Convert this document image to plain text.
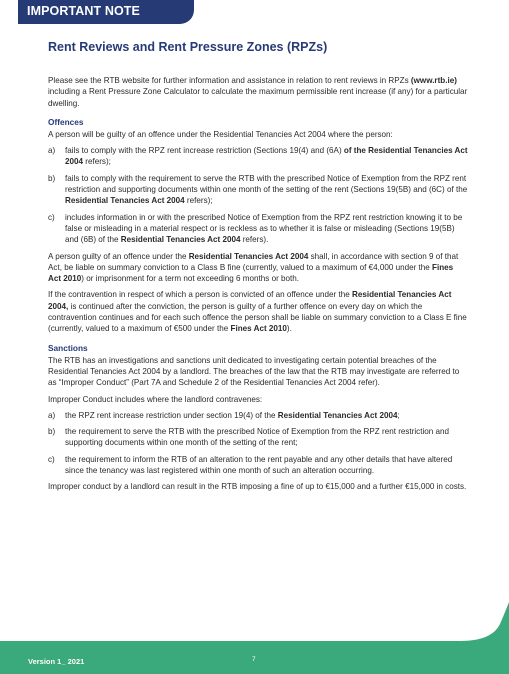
IMPORTANT NOTE
Rent Reviews and Rent Pressure Zones (RPZs)

Please see the RTB website for further information and assistance in relation to rent reviews in RPZs (www.rtb.ie) including a Rent Pressure Zone Calculator to calculate the maximum permissible rent increase (if any) for a particular dwelling.

Offences

A person will be guilty of an offence under the Residential Tenancies Act 2004 where the person:

a) fails to comply with the RPZ rent increase restriction (Sections 19(4) and (6A) of the Residential Tenancies Act 2004 refers);
b) fails to comply with the requirement to serve the RTB with the prescribed Notice of Exemption from the RPZ rent restriction and supporting documents within one month of the setting of the rent (Sections 19(5B) and (6C) of the Residential Tenancies Act 2004 refers);
c) includes information in or with the prescribed Notice of Exemption from the RPZ rent restriction knowing it to be false or misleading in a material respect or is reckless as to whether it is false or misleading (Sections 19(5B) and (6B) of the Residential Tenancies Act 2004 refers).

A person guilty of an offence under the Residential Tenancies Act 2004 shall, in accordance with section 9 of that Act, be liable on summary conviction to a Class B fine (currently, valued to a maximum of €4,000 under the Fines Act 2010) or imprisonment for a term not exceeding 6 months or both.

If the contravention in respect of which a person is convicted of an offence under the Residential Tenancies Act 2004, is continued after the conviction, the person is guilty of a further offence on every day on which the contravention continues and for each such offence the person shall be liable on summary conviction to a Class E fine (currently, valued to a maximum of €500 under the Fines Act 2010).

Sanctions

The RTB has an investigations and sanctions unit dedicated to investigating certain potential breaches of the Residential Tenancies Act 2004 by a landlord. The breaches of the law that the RTB may investigate are referred to as “Improper Conduct” (Part 7A and Schedule 2 of the Residential Tenancies Act 2004 refer).

Improper Conduct includes where the landlord contravenes:

a) the RPZ rent increase restriction under section 19(4) of the Residential Tenancies Act 2004;
b) the requirement to serve the RTB with the prescribed Notice of Exemption from the RPZ rent restriction and supporting documents within one month of the setting of the rent;
c) the requirement to inform the RTB of an alteration to the rent payable and any other details that have altered since the tenancy was last registered within one month of such an alteration occurring.

Improper conduct by a landlord can result in the RTB imposing a fine of up to €15,000 and a further €15,000 in costs.

Version 1_ 2021	7
